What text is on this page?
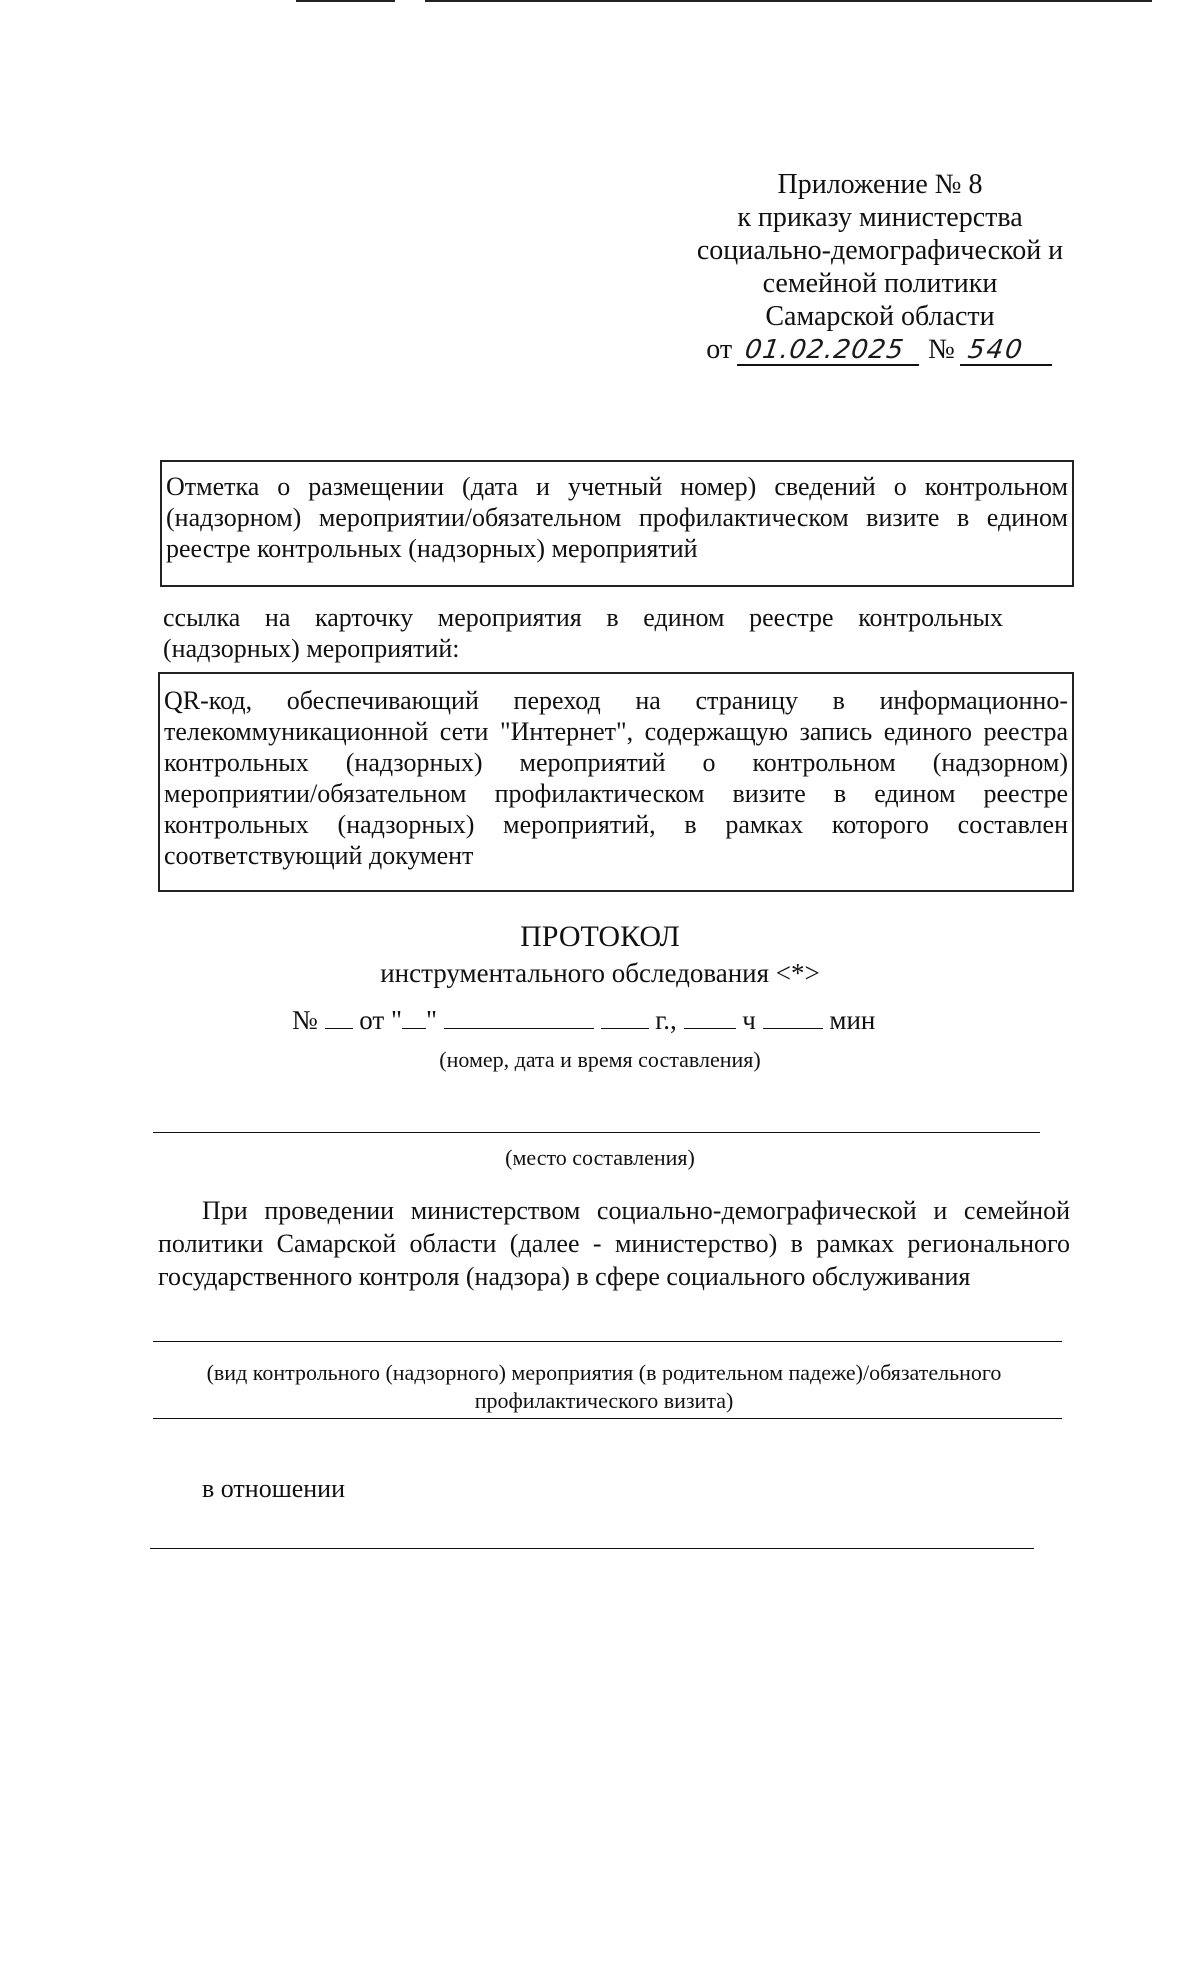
Приложение № 8
к приказу министерства
социально-демографической и
семейной политики
Самарской области
от 01.02.2025 № 540
Отметка о размещении (дата и учетный номер) сведений о контрольном (надзорном) мероприятии/обязательном профилактическом визите в едином реестре контрольных (надзорных) мероприятий
ссылка на карточку мероприятия в едином реестре контрольных
(надзорных) мероприятий:
QR-код, обеспечивающий переход на страницу в информационно-телекоммуникационной сети "Интернет", содержащую запись единого реестра контрольных (надзорных) мероприятий о контрольном (надзорном) мероприятии/обязательном профилактическом визите в едином реестре контрольных (надзорных) мероприятий, в рамках которого составлен соответствующий документ
ПРОТОКОЛ
инструментального обследования <*>
№ от " "	г., ч	мин
(номер, дата и время составления)
(место составления)
При проведении министерством социально-демографической и семейной политики Самарской области (далее - министерство) в рамках регионального государственного контроля (надзора) в сфере социального обслуживания
(вид контрольного (надзорного) мероприятия (в родительном падеже)/обязательного
профилактического визита)
в отношении
